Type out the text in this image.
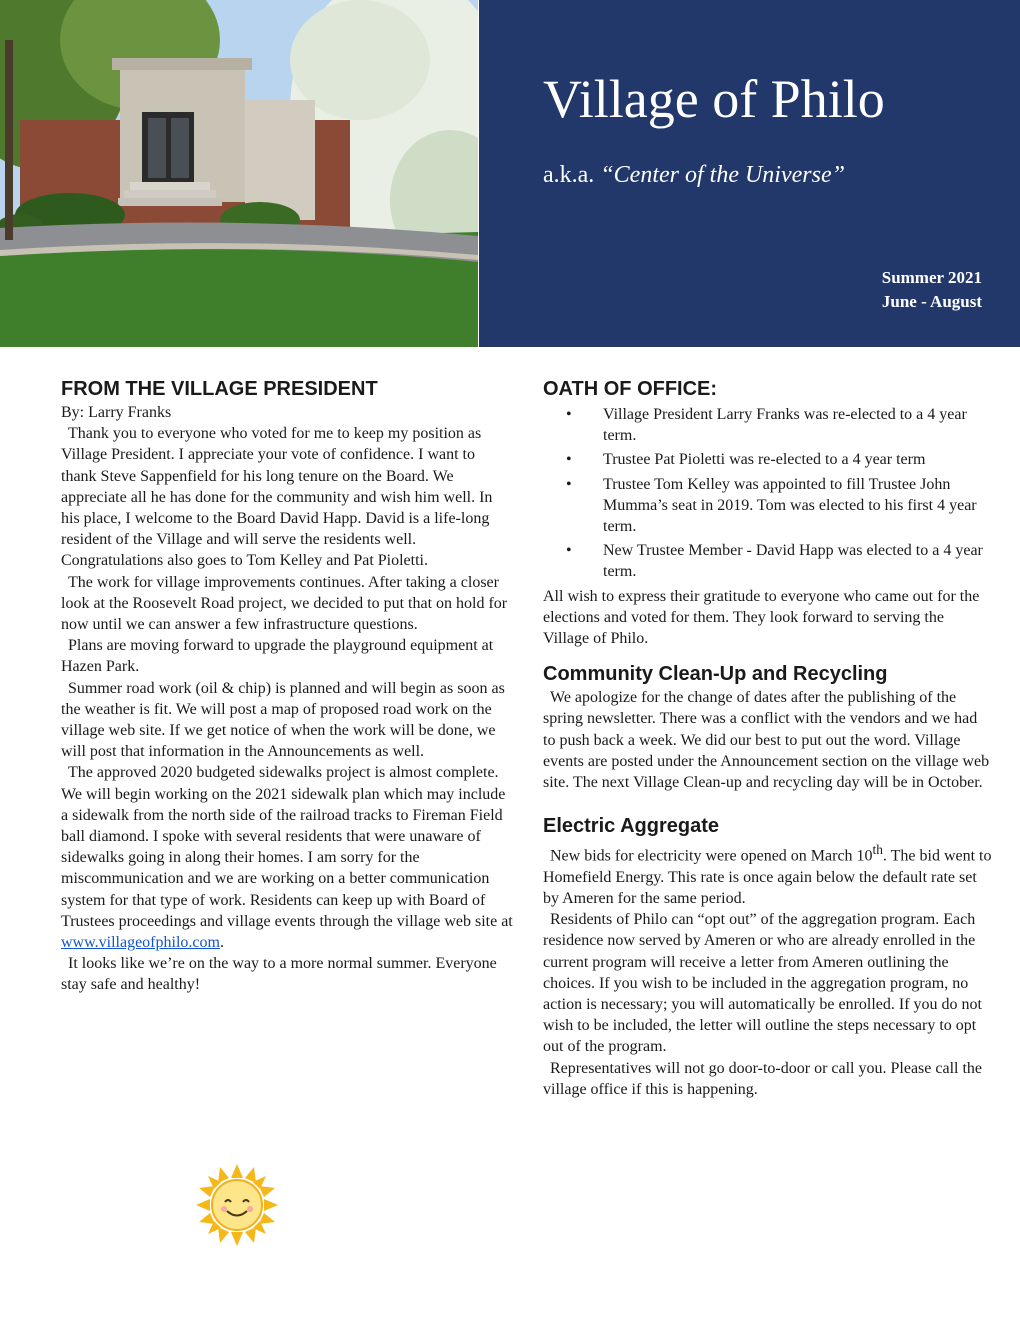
Village of Philo
a.k.a. “Center of the Universe”
Summer 2021
June - August
FROM THE VILLAGE PRESIDENT
By: Larry Franks

Thank you to everyone who voted for me to keep my position as Village President. I appreciate your vote of confidence. I want to thank Steve Sappenfield for his long tenure on the Board. We appreciate all he has done for the community and wish him well. In his place, I welcome to the Board David Happ. David is a life-long resident of the Village and will serve the residents well. Congratulations also goes to Tom Kelley and Pat Pioletti.

The work for village improvements continues. After taking a closer look at the Roosevelt Road project, we decided to put that on hold for now until we can answer a few infrastructure questions.

Plans are moving forward to upgrade the playground equipment at Hazen Park.

Summer road work (oil & chip) is planned and will begin as soon as the weather is fit. We will post a map of proposed road work on the village web site. If we get notice of when the work will be done, we will post that information in the Announcements as well.

The approved 2020 budgeted sidewalks project is almost complete. We will begin working on the 2021 sidewalk plan which may include a sidewalk from the north side of the railroad tracks to Fireman Field ball diamond. I spoke with several residents that were unaware of sidewalks going in along their homes. I am sorry for the miscommunication and we are working on a better communication system for that type of work. Residents can keep up with Board of Trustees proceedings and village events through the village web site at www.villageofphilo.com.

It looks like we’re on the way to a more normal summer. Everyone stay safe and healthy!

OATH OF OFFICE:
• Village President Larry Franks was re-elected to a 4 year term.
• Trustee Pat Pioletti was re-elected to a 4 year term
• Trustee Tom Kelley was appointed to fill Trustee John Mumma’s seat in 2019. Tom was elected to his first 4 year term.
• New Trustee Member - David Happ was elected to a 4 year term.

All wish to express their gratitude to everyone who came out for the elections and voted for them. They look forward to serving the Village of Philo.

Community Clean-Up and Recycling

We apologize for the change of dates after the publishing of the spring newsletter. There was a conflict with the vendors and we had to push back a week. We did our best to put out the word. Village events are posted under the Announcement section on the village web site. The next Village Clean-up and recycling day will be in October.

Electric Aggregate

New bids for electricity were opened on March 10th. The bid went to Homefield Energy. This rate is once again below the default rate set by Ameren for the same period.

Residents of Philo can “opt out” of the aggregation program. Each residence now served by Ameren or who are already enrolled in the current program will receive a letter from Ameren outlining the choices. If you wish to be included in the aggregation program, no action is necessary; you will automatically be enrolled. If you do not wish to be included, the letter will outline the steps necessary to opt out of the program.

Representatives will not go door-to-door or call you. Please call the village office if this is happening.
